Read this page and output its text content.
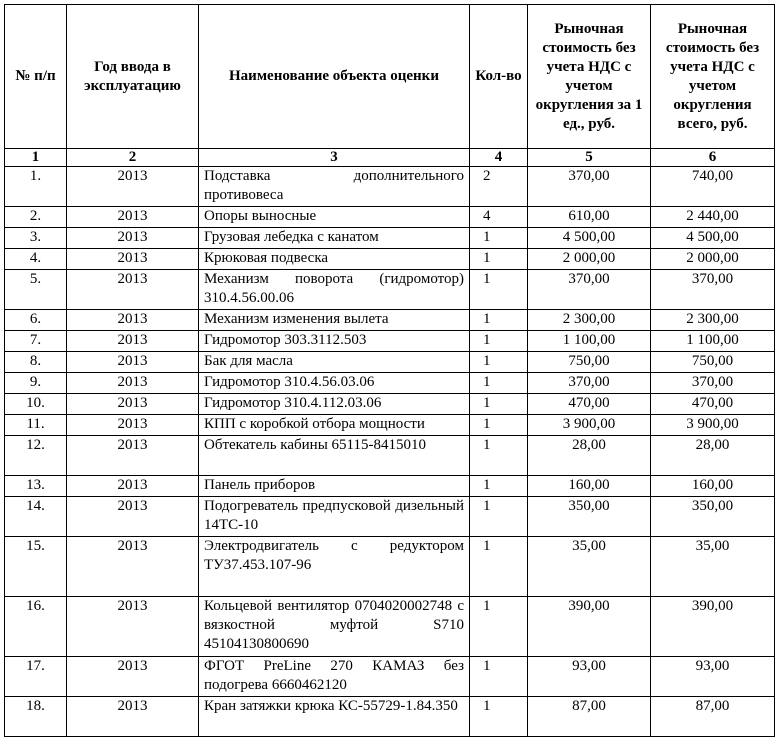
№ п/п	Год ввода в эксплуатацию	Наименование объекта оценки	Кол-во	Рыночная стоимость без учета НДС с учетом округления за 1 ед., руб.	Рыночная стоимость без учета НДС с учетом округления всего, руб.
1	2	3	4	5	6
1.	2013	Подставка дополнительного противовеса	2	370,00	740,00
2.	2013	Опоры выносные	4	610,00	2 440,00
3.	2013	Грузовая лебедка с канатом	1	4 500,00	4 500,00
4.	2013	Крюковая подвеска	1	2 000,00	2 000,00
5.	2013	Механизм поворота (гидромотор) 310.4.56.00.06	1	370,00	370,00
6.	2013	Механизм изменения вылета	1	2 300,00	2 300,00
7.	2013	Гидромотор 303.3112.503	1	1 100,00	1 100,00
8.	2013	Бак для масла	1	750,00	750,00
9.	2013	Гидромотор 310.4.56.03.06	1	370,00	370,00
10.	2013	Гидромотор 310.4.112.03.06	1	470,00	470,00
11.	2013	КПП с коробкой отбора мощности	1	3 900,00	3 900,00
12.	2013	Обтекатель кабины 65115-8415010	1	28,00	28,00
13.	2013	Панель приборов	1	160,00	160,00
14.	2013	Подогреватель предпусковой дизельный 14ТС-10	1	350,00	350,00
15.	2013	Электродвигатель с редуктором ТУ37.453.107-96	1	35,00	35,00
16.	2013	Кольцевой вентилятор 0704020002748 с вязкостной муфтой S710 45104130800690	1	390,00	390,00
17.	2013	ФГОТ PreLine 270 КАМАЗ без подогрева 6660462120	1	93,00	93,00
18.	2013	Кран затяжки крюка КС-55729-1.84.350	1	87,00	87,00
